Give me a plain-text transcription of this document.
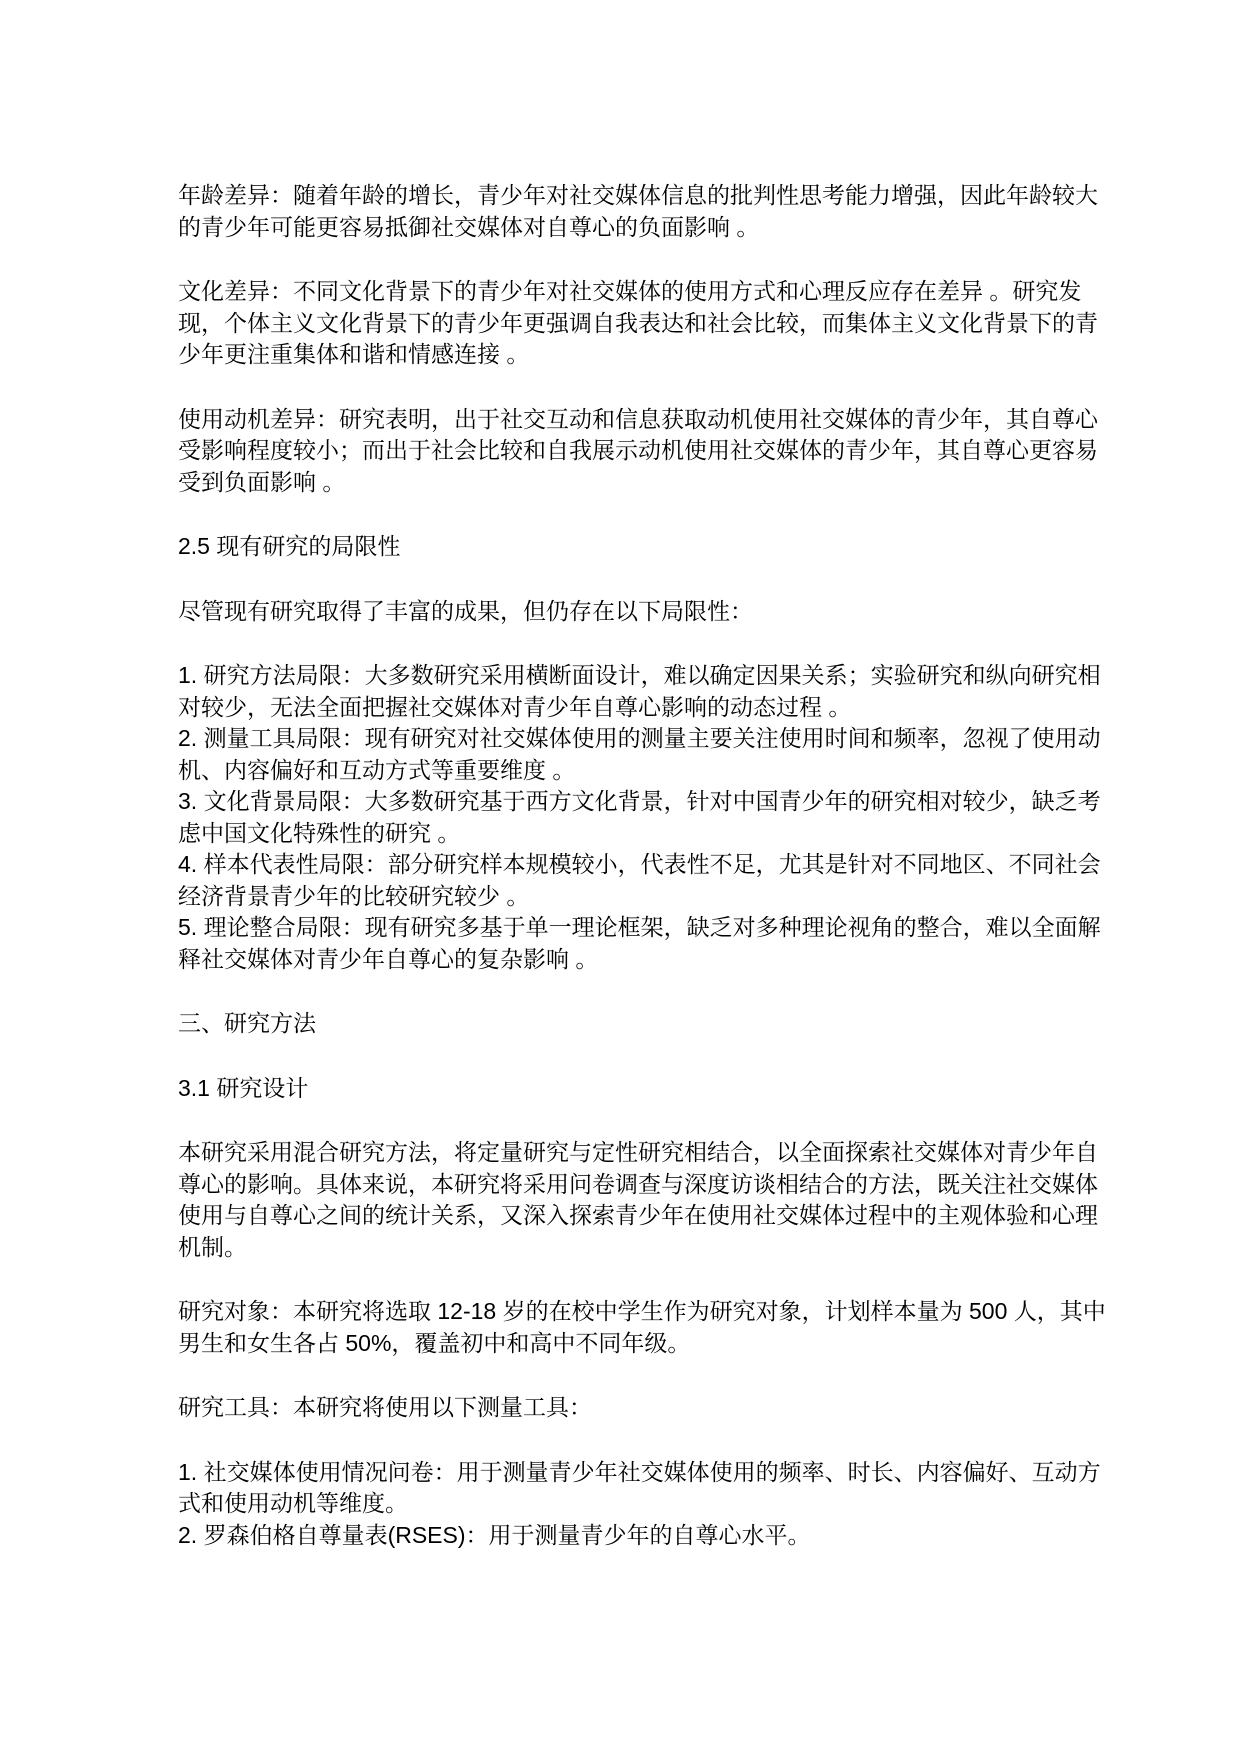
年龄差异：随着年龄的增长，青少年对社交媒体信息的批判性思考能力增强，因此年龄较大的青少年可能更容易抵御社交媒体对自尊心的负面影响 。

文化差异：不同文化背景下的青少年对社交媒体的使用方式和心理反应存在差异 。研究发现，个体主义文化背景下的青少年更强调自我表达和社会比较，而集体主义文化背景下的青少年更注重集体和谐和情感连接 。

使用动机差异：研究表明，出于社交互动和信息获取动机使用社交媒体的青少年，其自尊心受影响程度较小；而出于社会比较和自我展示动机使用社交媒体的青少年，其自尊心更容易受到负面影响 。

2.5 现有研究的局限性

尽管现有研究取得了丰富的成果，但仍存在以下局限性：

1. 研究方法局限：大多数研究采用横断面设计，难以确定因果关系；实验研究和纵向研究相对较少，无法全面把握社交媒体对青少年自尊心影响的动态过程 。

2. 测量工具局限：现有研究对社交媒体使用的测量主要关注使用时间和频率，忽视了使用动机、内容偏好和互动方式等重要维度 。

3. 文化背景局限：大多数研究基于西方文化背景，针对中国青少年的研究相对较少，缺乏考虑中国文化特殊性的研究 。

4. 样本代表性局限：部分研究样本规模较小，代表性不足，尤其是针对不同地区、不同社会经济背景青少年的比较研究较少 。

5. 理论整合局限：现有研究多基于单一理论框架，缺乏对多种理论视角的整合，难以全面解释社交媒体对青少年自尊心的复杂影响 。

三、研究方法

3.1 研究设计

本研究采用混合研究方法，将定量研究与定性研究相结合，以全面探索社交媒体对青少年自尊心的影响。具体来说，本研究将采用问卷调查与深度访谈相结合的方法，既关注社交媒体使用与自尊心之间的统计关系，又深入探索青少年在使用社交媒体过程中的主观体验和心理机制。

研究对象：本研究将选取 12-18 岁的在校中学生作为研究对象，计划样本量为 500 人，其中男生和女生各占 50%，覆盖初中和高中不同年级。

研究工具：本研究将使用以下测量工具：

1. 社交媒体使用情况问卷：用于测量青少年社交媒体使用的频率、时长、内容偏好、互动方式和使用动机等维度。

2. 罗森伯格自尊量表(RSES)：用于测量青少年的自尊心水平。
